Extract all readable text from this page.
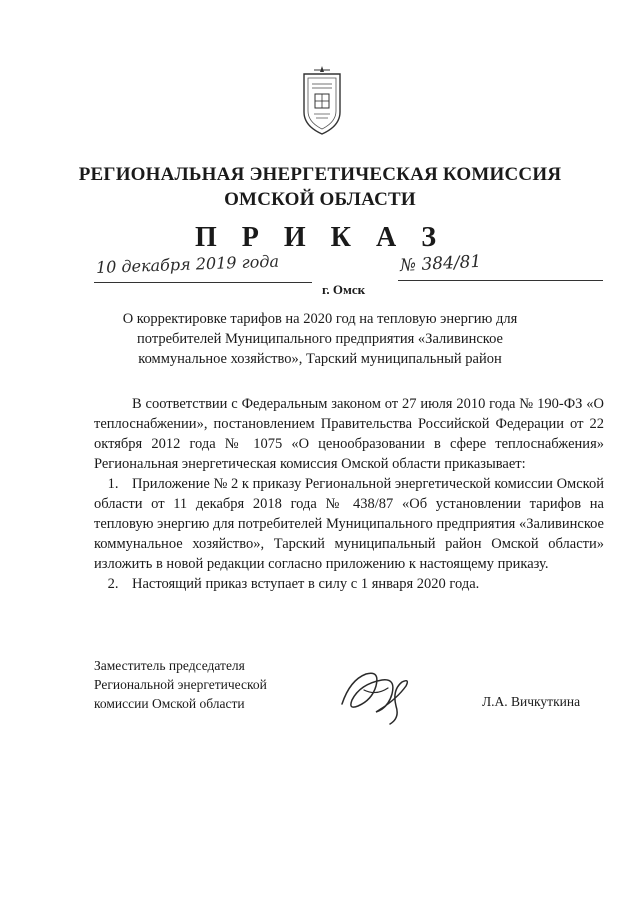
РЕГИОНАЛЬНАЯ ЭНЕРГЕТИЧЕСКАЯ КОМИССИЯ
ОМСКОЙ ОБЛАСТИ
П Р И К А З
10 декабря 2019 года
г. Омск
№ 384/81
О корректировке тарифов на 2020 год на тепловую энергию для потребителей Муниципального предприятия «Заливинское коммунальное хозяйство», Тарский муниципальный район

В соответствии с Федеральным законом от 27 июля 2010 года № 190-ФЗ «О теплоснабжении», постановлением Правительства Российской Федерации от 22 октября 2012 года № 1075 «О ценообразовании в сфере теплоснабжения» Региональная энергетическая комиссия Омской области приказывает:

1. Приложение № 2 к приказу Региональной энергетической комиссии Омской области от 11 декабря 2018 года № 438/87 «Об установлении тарифов на тепловую энергию для потребителей Муниципального предприятия «Заливинское коммунальное хозяйство», Тарский муниципальный район Омской области» изложить в новой редакции согласно приложению к настоящему приказу.

2. Настоящий приказ вступает в силу с 1 января 2020 года.

Заместитель председателя
Региональной энергетической
комиссии Омской области	Л.А. Вичкуткина
